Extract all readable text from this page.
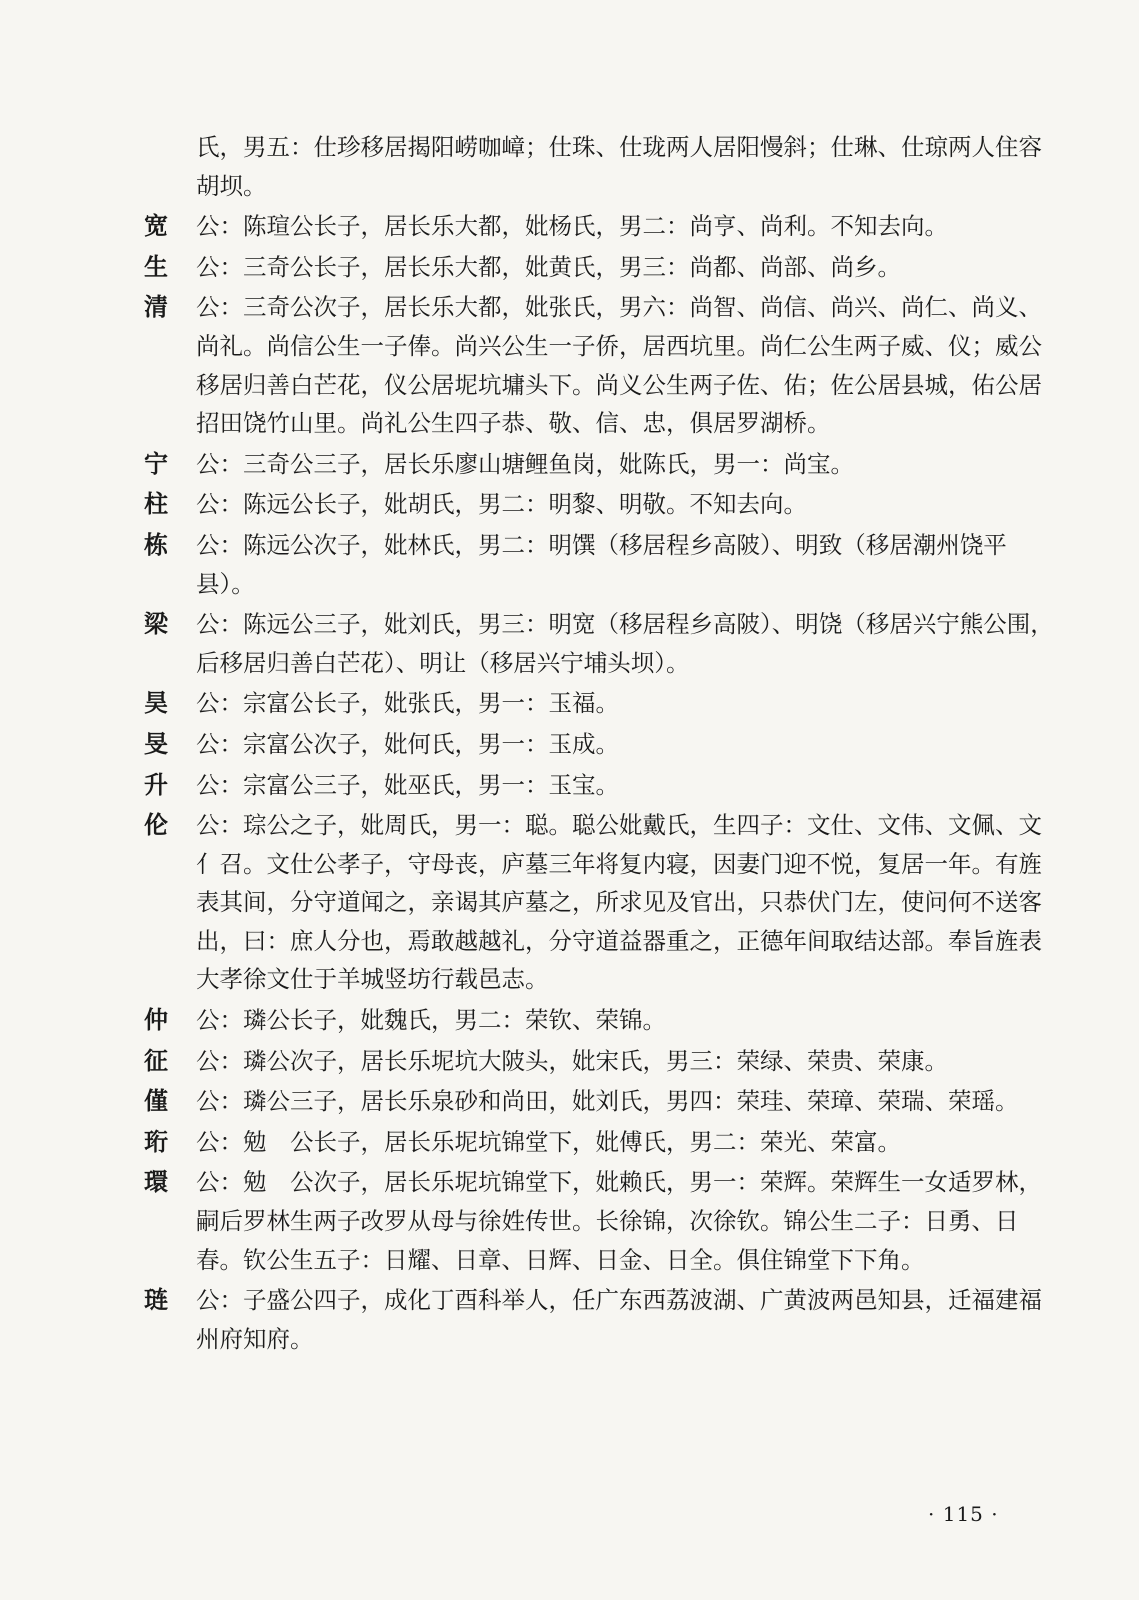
氏，男五：仕珍移居揭阳崂咖嶂；仕珠、仕珑两人居阳慢斜；仕琳、仕琼两人住容胡坝。
宽 公：陈瑄公长子，居长乐大都，妣杨氏，男二：尚亨、尚利。不知去向。
生 公：三奇公长子，居长乐大都，妣黄氏，男三：尚都、尚部、尚乡。
清 公：三奇公次子，居长乐大都，妣张氏，男六：尚智、尚信、尚兴、尚仁、尚义、尚礼。尚信公生一子俸。尚兴公生一子侨，居西坑里。尚仁公生两子威、仪；威公移居归善白芒花，仪公居坭坑墉头下。尚义公生两子佐、佑；佐公居县城，佑公居招田饶竹山里。尚礼公生四子恭、敬、信、忠，俱居罗湖桥。
宁 公：三奇公三子，居长乐廖山塘鲤鱼岗，妣陈氏，男一：尚宝。
柱 公：陈远公长子，妣胡氏，男二：明黎、明敬。不知去向。
栋 公：陈远公次子，妣林氏，男二：明馔（移居程乡高陂）、明致（移居潮州饶平县）。
梁 公：陈远公三子，妣刘氏，男三：明宽（移居程乡高陂）、明饶（移居兴宁熊公围，后移居归善白芒花）、明让（移居兴宁埔头坝）。
昊 公：宗富公长子，妣张氏，男一：玉福。
旻 公：宗富公次子，妣何氏，男一：玉成。
升 公：宗富公三子，妣巫氏，男一：玉宝。
伦 公：琮公之子，妣周氏，男一：聪。聪公妣戴氏，生四子：文仕、文伟、文佩、文亻召。文仕公孝子，守母丧，庐墓三年将复内寝，因妻门迎不悦，复居一年。有旌表其间，分守道闻之，亲谒其庐墓之，所求见及官出，只恭伏门左，使问何不送客出，曰：庶人分也，焉敢越越礼，分守道益器重之，正德年间取结达部。奉旨旌表大孝徐文仕于羊城竖坊行载邑志。
仲 公：璘公长子，妣魏氏，男二：荣钦、荣锦。
征 公：璘公次子，居长乐坭坑大陂头，妣宋氏，男三：荣绿、荣贵、荣康。
僅 公：璘公三子，居长乐泉砂和尚田，妣刘氏，男四：荣珪、荣璋、荣瑞、荣瑶。
珩 公：勉　公长子，居长乐坭坑锦堂下，妣傅氏，男二：荣光、荣富。
環 公：勉　公次子，居长乐坭坑锦堂下，妣赖氏，男一：荣辉。荣辉生一女适罗林，嗣后罗林生两子改罗从母与徐姓传世。长徐锦，次徐钦。锦公生二子：日勇、日春。钦公生五子：日耀、日章、日辉、日金、日全。俱住锦堂下下角。
琏 公：子盛公四子，成化丁酉科举人，任广东西荔波湖、广黄波两邑知县，迁福建福州府知府。
· 115 ·
